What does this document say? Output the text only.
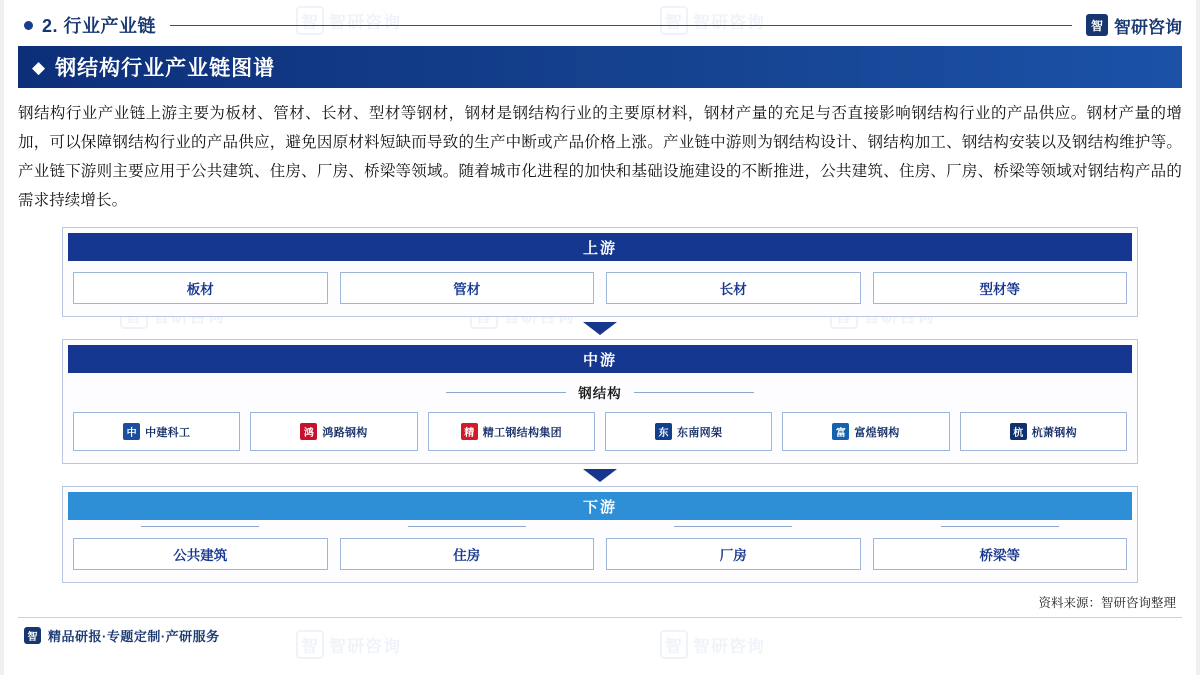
智 智研咨询	智 智研咨询
智 智研咨询	智 智研咨询
2. 行业产业链	智 智研咨询
◆ 钢结构行业产业链图谱
钢结构行业产业链上游主要为板材、管材、长材、型材等钢材，钢材是钢结构行业的主要原材料，钢材产量的充足与否直接影响钢结构行业的产品供应。钢材产量的增加，可以保障钢结构行业的产品供应，避免因原材料短缺而导致的生产中断或产品价格上涨。产业链中游则为钢结构设计、钢结构加工、钢结构安装以及钢结构维护等。产业链下游则主要应用于公共建筑、住房、厂房、桥梁等领域。随着城市化进程的加快和基础设施建设的不断推进，公共建筑、住房、厂房、桥梁等领域对钢结构产品的需求持续增长。
上游
板材	管材	长材	型材等
中游
钢结构
中 中建科工	鸿 鸿路钢构	精 精工钢结构集团	东 东南网架	富 富煌钢构	杭 杭萧钢构
下游
公共建筑	住房	厂房	桥梁等
资料来源：智研咨询整理
智 精品研报·专题定制·产研服务
